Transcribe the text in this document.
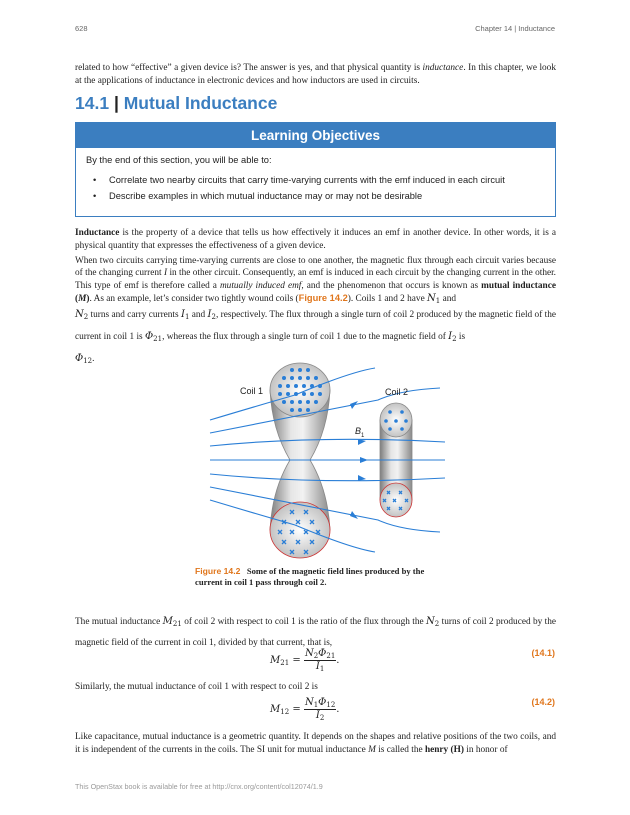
628	Chapter 14 | Inductance

related to how “effective” a given device is? The answer is yes, and that physical quantity is inductance. In this chapter, we look at the applications of inductance in electronic devices and how inductors are used in circuits.

14.1 | Mutual Inductance
Learning Objectives
By the end of this section, you will be able to:
• Correlate two nearby circuits that carry time-varying currents with the emf induced in each circuit
• Describe examples in which mutual inductance may or may not be desirable

Inductance is the property of a device that tells us how effectively it induces an emf in another device. In other words, it is a physical quantity that expresses the effectiveness of a given device.

When two circuits carrying time-varying currents are close to one another, the magnetic flux through each circuit varies because of the changing current I in the other circuit. Consequently, an emf is induced in each circuit by the changing current in the other. This type of emf is therefore called a mutually induced emf, and the phenomenon that occurs is known as mutual inductance (M). As an example, let’s consider two tightly wound coils (Figure 14.2). Coils 1 and 2 have $N_1$ and

$N_2$ turns and carry currents $I_1$ and $I_2$, respectively. The flux through a single turn of coil 2 produced by the magnetic field of the current in coil 1 is $\Phi_{21}$, whereas the flux through a single turn of coil 1 due to the magnetic field of $I_2$ is
$\Phi_{12}$.
Coil 1	Coil 2
$B_1$
Figure 14.2 Some of the magnetic field lines produced by the current in coil 1 pass through coil 2.
The mutual inductance $M_{21}$ of coil 2 with respect to coil 1 is the ratio of the flux through the $N_2$ turns of coil 2 produced by the magnetic field of the current in coil 1, divided by that current, that is,
$M_{21} = \frac{N_2\Phi_{21}}{I_1}$ .
(14.1)

Similarly, the mutual inductance of coil 1 with respect to coil 2 is

$M_{12} = \frac{N_1\Phi_{12}}{I_2}$ .
(14.2)

Like capacitance, mutual inductance is a geometric quantity. It depends on the shapes and relative positions of the two coils, and it is independent of the currents in the coils. The SI unit for mutual inductance M is called the henry (H) in honor of

This OpenStax book is available for free at http://cnx.org/content/col12074/1.9
